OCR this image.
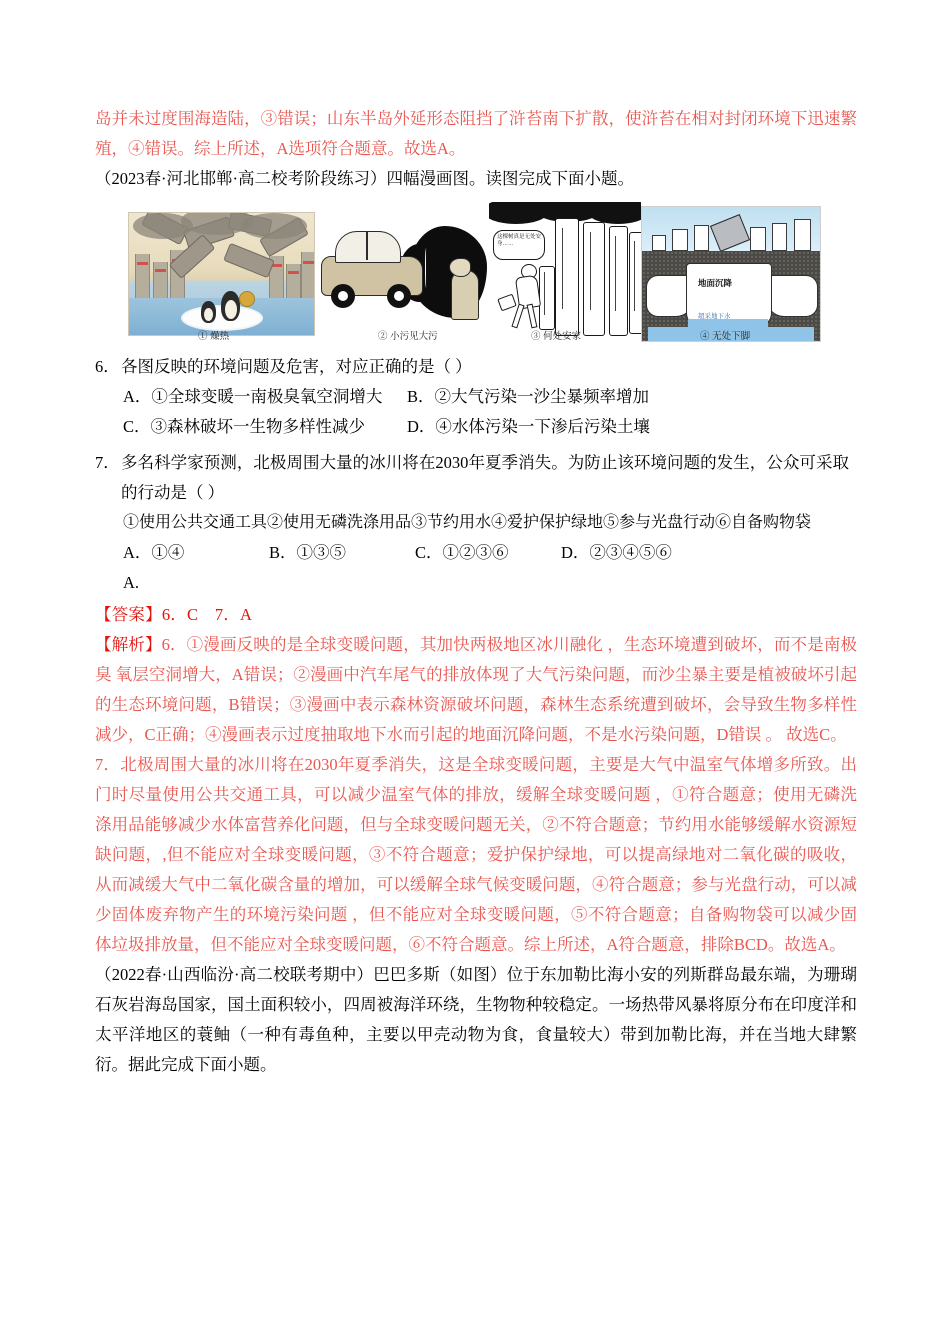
岛并未过度围海造陆，③错误；山东半岛外延形态阻挡了浒苔南下扩散，使浒苔在相对封闭环境下迅速繁殖，④错误。综上所述，A选项符合题意。故选A。
（2023春·河北邯郸·高二校考阶段练习）四幅漫画图。读图完成下面小题。
① 燥热	② 小污见大污
这棵树真是无处安身……
③ 何处安家
地面沉降
超采地下水
④ 无处下脚
6．各图反映的环境问题及危害，对应正确的是（ ）
A．①全球变暖一南极臭氧空洞增大 B．②大气污染一沙尘暴频率增加
C．③森林破坏一生物多样性减少	D．④水体污染一下渗后污染土壤
7．多名科学家预测，北极周围大量的冰川将在2030年夏季消失。为防止该环境问题的发生，公众可采取的行动是（ ）
①使用公共交通工具②使用无磷洗涤用品③节约用水④爱护保护绿地⑤参与光盘行动⑥自备购物袋
A．①④	B．①③⑤	C．①②③⑥	D．②③④⑤⑥
A.
【答案】6．C　7．A
【解析】6．①漫画反映的是全球变暖问题，其加快两极地区冰川融化 ，生态环境遭到破坏，而不是南极臭 氧层空洞增大，A错误；②漫画中汽车尾气的排放体现了大气污染问题，而沙尘暴主要是植被破坏引起的生态环境问题，B错误；③漫画中表示森林资源破坏问题，森林生态系统遭到破坏，会导致生物多样性减少，C正确；④漫画表示过度抽取地下水而引起的地面沉降问题，不是水污染问题，D错误 。 故选C。
7．北极周围大量的冰川将在2030年夏季消失，这是全球变暖问题，主要是大气中温室气体增多所致。出门时尽量使用公共交通工具，可以减少温室气体的排放，缓解全球变暖问题 ，①符合题意；使用无磷洗涤用品能够减少水体富营养化问题，但与全球变暖问题无关，②不符合题意；节约用水能够缓解水资源短缺问题，,但不能应对全球变暖问题，③不符合题意；爱护保护绿地，可以提高绿地对二氧化碳的吸收，从而减缓大气中二氧化碳含量的增加，可以缓解全球气候变暖问题，④符合题意；参与光盘行动，可以减少固体废弃物产生的环境污染问题 ，但不能应对全球变暖问题，⑤不符合题意；自备购物袋可以减少固体垃圾排放量，但不能应对全球变暖问题，⑥不符合题意。综上所述，A符合题意，排除BCD。故选A。
（2022春·山西临汾·高二校联考期中）巴巴多斯（如图）位于东加勒比海小安的列斯群岛最东端，为珊瑚石灰岩海岛国家，国土面积较小，四周被海洋环绕，生物物种较稳定。一场热带风暴将原分布在印度洋和太平洋地区的蓑鲉（一种有毒鱼种，主要以甲壳动物为食，食量较大）带到加勒比海，并在当地大肆繁衍。据此完成下面小题。
